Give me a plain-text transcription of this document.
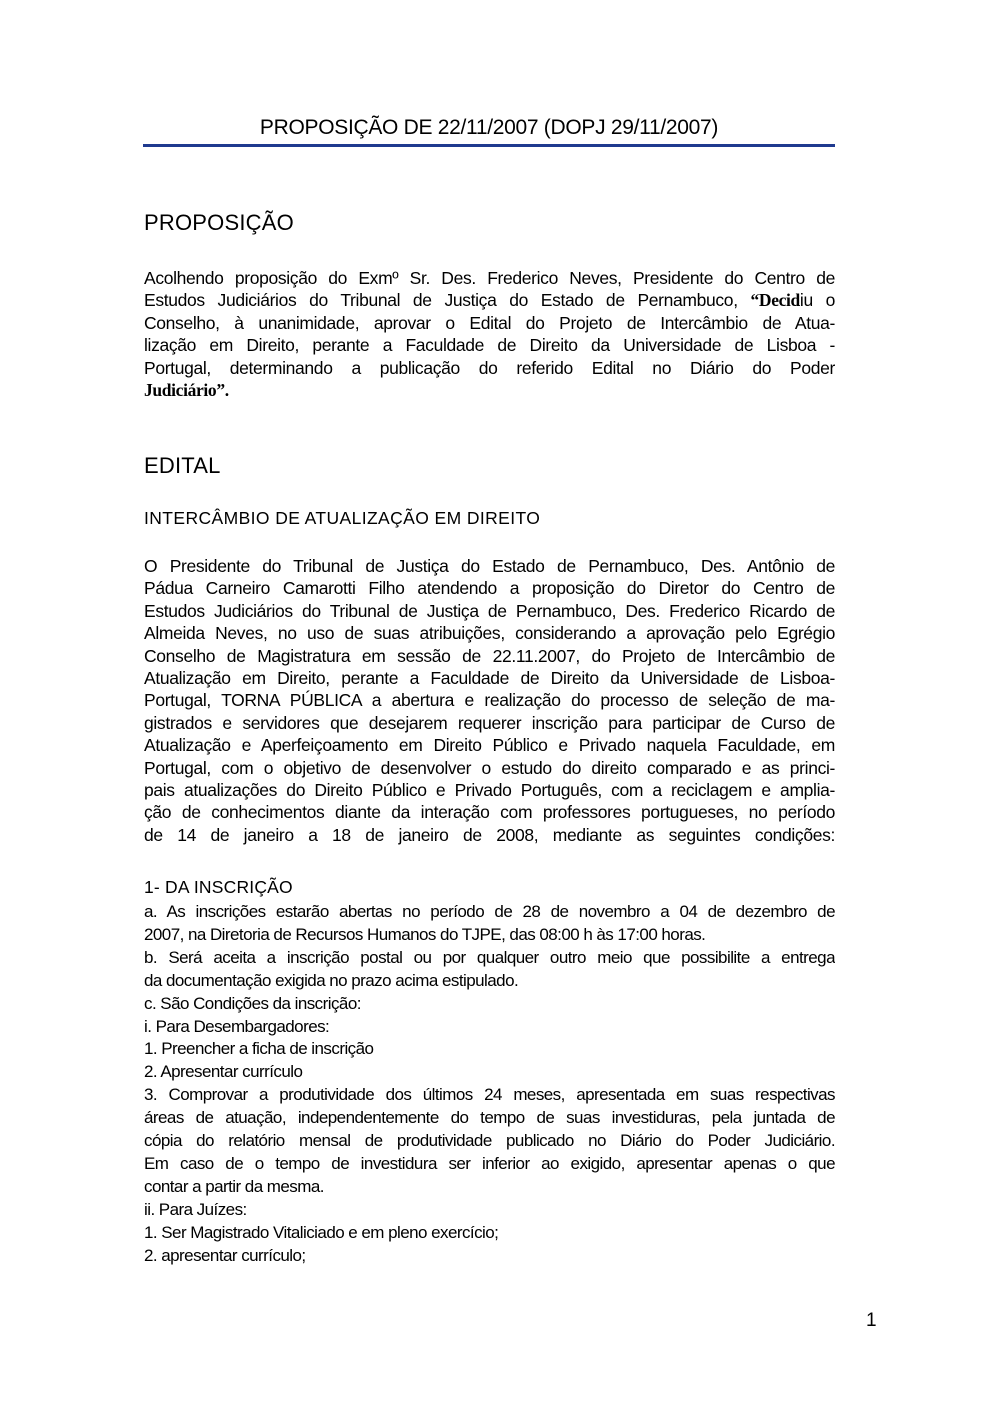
PROPOSIÇÃO DE 22/11/2007 (DOPJ 29/11/2007)
PROPOSIÇÃO
Acolhendo proposição do Exmº Sr. Des. Frederico Neves, Presidente do Centro de
Estudos Judiciários do Tribunal de Justiça do Estado de Pernambuco, “Decidiu o
Conselho, à unanimidade, aprovar o Edital do Projeto de Intercâmbio de Atua-
lização em Direito, perante a Faculdade de Direito da Universidade de Lisboa -
Portugal, determinando a publicação do referido Edital no Diário do Poder
Judiciário”.
EDITAL
INTERCÂMBIO DE ATUALIZAÇÃO EM DIREITO
O Presidente do Tribunal de Justiça do Estado de Pernambuco, Des. Antônio de
Pádua Carneiro Camarotti Filho atendendo a proposição do Diretor do Centro de
Estudos Judiciários do Tribunal de Justiça de Pernambuco, Des. Frederico Ricardo de
Almeida Neves, no uso de suas atribuições, considerando a aprovação pelo Egrégio
Conselho de Magistratura em sessão de 22.11.2007, do Projeto de Intercâmbio de
Atualização em Direito, perante a Faculdade de Direito da Universidade de Lisboa-
Portugal, TORNA PÚBLICA a abertura e realização do processo de seleção de ma-
gistrados e servidores que desejarem requerer inscrição para participar de Curso de
Atualização e Aperfeiçoamento em Direito Público e Privado naquela Faculdade, em
Portugal, com o objetivo de desenvolver o estudo do direito comparado e as princi-
pais atualizações do Direito Público e Privado Português, com a reciclagem e amplia-
ção de conhecimentos diante da interação com professores portugueses, no período
de 14 de janeiro a 18 de janeiro de 2008, mediante as seguintes condições:
1- DA INSCRIÇÃO
a. As inscrições estarão abertas no período de 28 de novembro a 04 de dezembro de
2007, na Diretoria de Recursos Humanos do TJPE, das 08:00 h às 17:00 horas.
b. Será aceita a inscrição postal ou por qualquer outro meio que possibilite a entrega
da documentação exigida no prazo acima estipulado.
c. São Condições da inscrição:
i. Para Desembargadores:
1. Preencher a ficha de inscrição
2. Apresentar currículo
3. Comprovar a produtividade dos últimos 24 meses, apresentada em suas respectivas
áreas de atuação, independentemente do tempo de suas investiduras, pela juntada de
cópia do relatório mensal de produtividade publicado no Diário do Poder Judiciário.
Em caso de o tempo de investidura ser inferior ao exigido, apresentar apenas o que
contar a partir da mesma.
ii. Para Juízes:
1. Ser Magistrado Vitaliciado e em pleno exercício;
2. apresentar currículo;
1
